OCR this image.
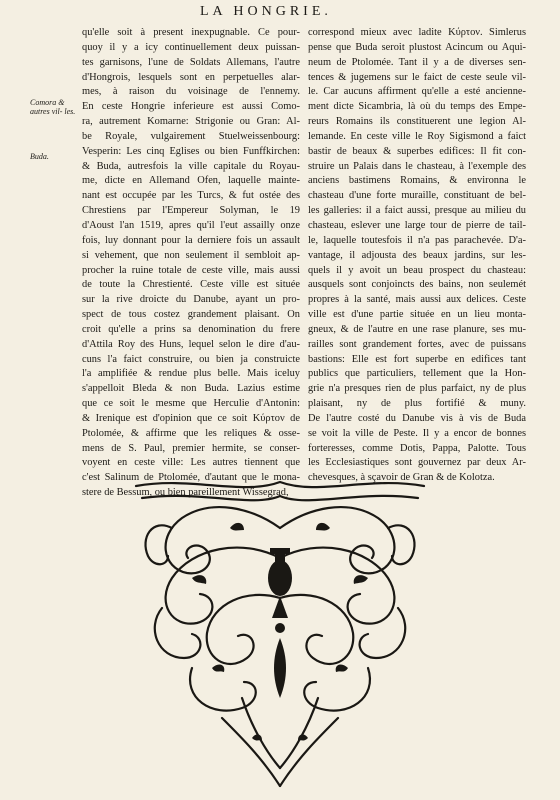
LA HONGRIE.
Comora & autres vil- les.
Buda.
qu'elle soit à present inexpugnable. Ce pour-
quoy il y a icy continuellement deux puissan-
tes garnisons, l'une de Soldats Allemans, l'autre
d'Hongrois, lesquels sont en perpetuelles alar-
mes, à raison du voisinage de l'ennemy.
En ceste Hongrie inferieure est aussi Como-
ra, autrement Komarne: Strigonie ou Gran: Al-
be Royale, vulgairement Stuelweissenbourg:
Vesperin: Les cinq Eglises ou bien Funffkirchen:
& Buda, autresfois la ville capitale du Royau-
me, dicte en Allemand Ofen, laquelle mainte-
nant est occupée par les Turcs, & fut ostée des
Chrestiens par l'Empereur Solyman, le 19
d'Aoust l'an 1519, apres qu'il l'eut assailly onze
fois, luy donnant pour la derniere fois un assault
si vehement, que non seulement il sembloit ap-
procher la ruine totale de ceste ville, mais aussi
de toute la Chrestienté. Ceste ville est située
sur la rive droicte du Danube, ayant un pro-
spect de tous costez grandement plaisant. On
croit qu'elle a prins sa denomination du frere
d'Attila Roy des Huns, lequel selon le dire d'au-
cuns l'a faict construire, ou bien ja construicte
l'a amplifiée & rendue plus belle. Mais iceluy
s'appelloit Bleda & non Buda. Lazius estime
que ce soit le mesme que Herculie d'Antonin:
& Irenique est d'opinion que ce soit Κύρτον de
Ptolomée, & affirme que les reliques & osse-
mens de S. Paul, premier hermite, se conser-
voyent en ceste ville: Les autres tiennent que
c'est Salinum de Ptolomée, d'autant que le mona-
stere de Bessum, ou bien pareillement Wissegrad,
correspond mieux avec ladite Κύρτον. Simlerus
pense que Buda seroit plustost Acincum ou Aqui-
neum de Ptolomée. Tant il y a de diverses sen-
tences & jugemens sur le faict de ceste seule vil-
le. Car aucuns affirment qu'elle a esté ancienne-
ment dicte Sicambria, là où du temps des Empe-
reurs Romains ils constituerent une legion Al-
lemande. En ceste ville le Roy Sigismond a faict
bastir de beaux & superbes edifices: Il fit con-
struire un Palais dans le chasteau, à l'exemple des
anciens bastimens Romains, & environna le
chasteau d'une forte muraille, constituant de bel-
les galleries: il a faict aussi, presque au milieu du
chasteau, eslever une large tour de pierre de tail-
le, laquelle toutesfois il n'a pas parachevée. D'a-
vantage, il adjousta des beaux jardins, sur les-
quels il y avoit un beau prospect du chasteau:
ausquels sont conjoincts des bains, non seulemét
propres à la santé, mais aussi aux delices. Ceste
ville est d'une partie située en un lieu monta-
gneux, & de l'autre en une rase planure, ses mu-
railles sont grandement fortes, avec de puissans
bastions: Elle est fort superbe en edifices tant
publics que particuliers, tellement que la Hon-
grie n'a presques rien de plus parfaict, ny de plus
plaisant, ny de plus fortifié & muny.
De l'autre costé du Danube vis à vis de Buda
se voit la ville de Peste. Il y a encor de bonnes
forteresses, comme Dotis, Pappa, Palotte. Tous
les Ecclesiastiques sont gouvernez par deux Ar-
chevesques, à sçavoir de Gran & de Kolotza.
